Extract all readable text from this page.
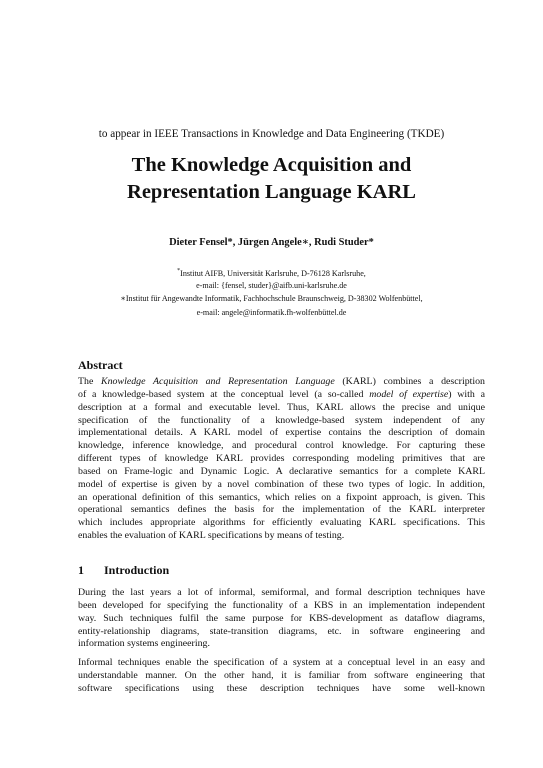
to appear in IEEE Transactions in Knowledge and Data Engineering (TKDE)
The Knowledge Acquisition and
Representation Language KARL
Dieter Fensel*, Jürgen Angele∗, Rudi Studer*
*Institut AIFB, Universität Karlsruhe, D-76128 Karlsruhe,
e-mail: {fensel, studer}@aifb.uni-karlsruhe.de
∗Institut für Angewandte Informatik, Fachhochschule Braunschweig, D-38302 Wolfenbüttel,
e-mail: angele@informatik.fh-wolfenbüttel.de
Abstract
The Knowledge Acquisition and Representation Language (KARL) combines a description
of a knowledge-based system at the conceptual level (a so-called model of expertise) with a
description at a formal and executable level. Thus, KARL allows the precise and unique
specification of the functionality of a knowledge-based system independent of any
implementational details. A KARL model of expertise contains the description of domain
knowledge, inference knowledge, and procedural control knowledge. For capturing these
different types of knowledge KARL provides corresponding modeling primitives that are
based on Frame-logic and Dynamic Logic. A declarative semantics for a complete KARL
model of expertise is given by a novel combination of these two types of logic. In addition,
an operational definition of this semantics, which relies on a fixpoint approach, is given. This
operational semantics defines the basis for the implementation of the KARL interpreter
which includes appropriate algorithms for efficiently evaluating KARL specifications. This
enables the evaluation of KARL specifications by means of testing.
1 Introduction
During the last years a lot of informal, semiformal, and formal description techniques have
been developed for specifying the functionality of a KBS in an implementation independent
way. Such techniques fulfil the same purpose for KBS-development as dataflow diagrams,
entity-relationship diagrams, state-transition diagrams, etc. in software engineering and
information systems engineering.
Informal techniques enable the specification of a system at a conceptual level in an easy and
understandable manner. On the other hand, it is familiar from software engineering that
software specifications using these description techniques have some well-known
